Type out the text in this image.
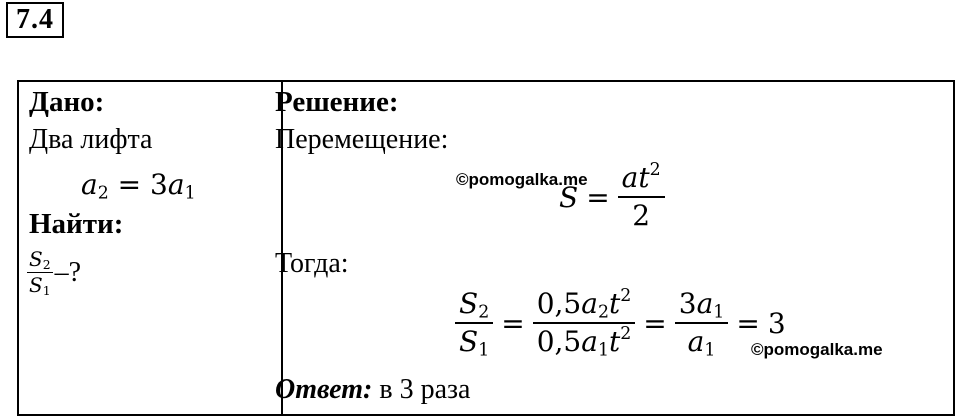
7.4
Дано:
Два лифта
$a_2 = 3a_1$
Найти:
$\frac{S_2}{S_1}$ –?
Решение:
Перемещение:
©pomogalka.me
$S = \frac{at^2}{2}$
Тогда:
$\frac{S_2}{S_1} = \frac{0,5a_2t^2}{0,5a_1t^2} = \frac{3a_1}{a_1} = 3$
©pomogalka.me
Ответ: в 3 раза
